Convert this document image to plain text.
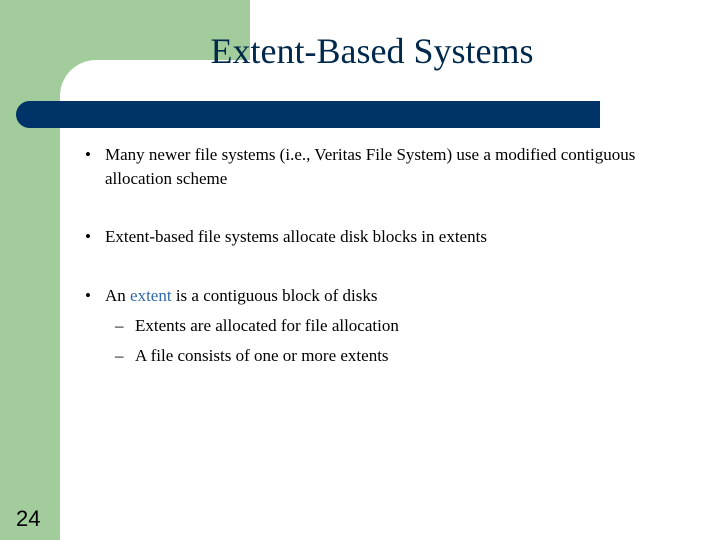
Extent-Based Systems
• Many newer file systems (i.e., Veritas File System) use a modified contiguous allocation scheme
• Extent-based file systems allocate disk blocks in extents
• An extent is a contiguous block of disks
– Extents are allocated for file allocation
– A file consists of one or more extents
24
